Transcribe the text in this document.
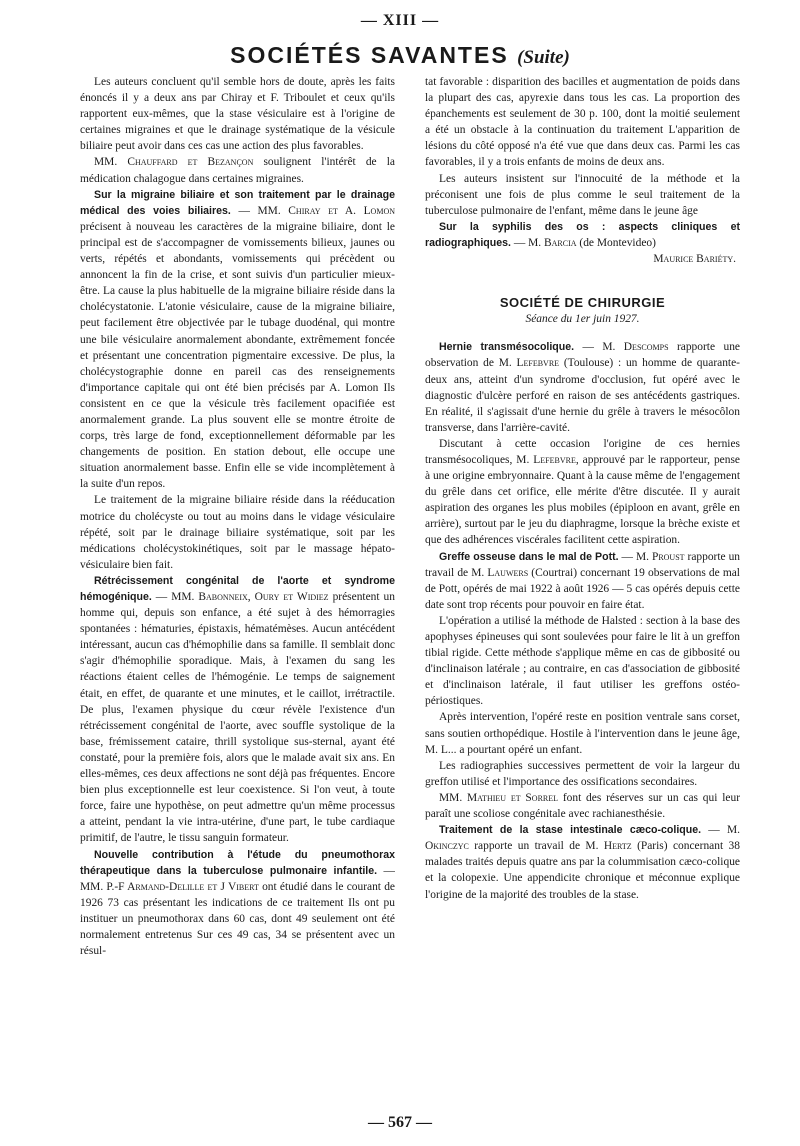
— XIII —
SOCIÉTÉS SAVANTES (Suite)

Les auteurs concluent qu'il semble hors de doute, après les faits énoncés il y a deux ans par Chiray et F. Triboulet et ceux qu'ils rapportent eux-mêmes, que la stase vésiculaire est à l'origine de certaines migraines et que le drainage systématique de la vésicule biliaire peut avoir dans ces cas une action des plus favorables.

MM. Chauffard et Bezançon soulignent l'intérêt de la médication chalagogue dans certaines migraines.

Sur la migraine biliaire et son traitement par le drainage médical des voies biliaires. — MM. Chiray et A. Lomon précisent à nouveau les caractères de la migraine biliaire, dont le principal est de s'accompagner de vomissements bilieux, jaunes ou verts, répétés et abondants, vomissements qui précèdent ou annoncent la fin de la crise, et sont suivis d'un particulier mieux-être. La cause la plus habituelle de la migraine biliaire réside dans la cholécystatonie. L'atonie vésiculaire, cause de la migraine biliaire, peut facilement être objectivée par le tubage duodénal, qui montre une bile vésiculaire anormalement abondante, extrêmement foncée et présentant une concentration pigmentaire excessive. De plus, la cholécystographie donne en pareil cas des renseignements d'importance capitale qui ont été bien précisés par A. Lomon Ils consistent en ce que la vésicule très facilement opacifiée est anormalement grande. La plus souvent elle se montre étroite de corps, très large de fond, exceptionnellement déformable par les changements de position. En station debout, elle occupe une situation anormalement basse. Enfin elle se vide incomplètement à la suite d'un repos.

Le traitement de la migraine biliaire réside dans la rééducation motrice du cholécyste ou tout au moins dans le vidage vésiculaire répété, soit par le drainage biliaire systématique, soit par les médications cholécystokinétiques, soit par le massage hépato-vésiculaire bien fait.

Rétrécissement congénital de l'aorte et syndrome hémogénique. — MM. Babonneix, Oury et Widiez présentent un homme qui, depuis son enfance, a été sujet à des hémorragies spontanées : hématuries, épistaxis, hématémèses. Aucun antécédent intéressant, aucun cas d'hémophilie dans sa famille. Il semblait donc s'agir d'hémophilie sporadique. Mais, à l'examen du sang les réactions étaient celles de l'hémogénie. Le temps de saignement était, en effet, de quarante et une minutes, et le caillot, irrétractile. De plus, l'examen physique du cœur révèle l'existence d'un rétrécissement congénital de l'aorte, avec souffle systolique de la base, frémissement cataire, thrill systolique sus-sternal, ayant été constaté, pour la première fois, alors que le malade avait six ans. En elles-mêmes, ces deux affections ne sont déjà pas fréquentes. Encore bien plus exceptionnelle est leur coexistence. Si l'on veut, à toute force, faire une hypothèse, on peut admettre qu'un même processus a atteint, pendant la vie intra-utérine, d'une part, le tube cardiaque primitif, de l'autre, le tissu sanguin formateur.

Nouvelle contribution à l'étude du pneumothorax thérapeutique dans la tuberculose pulmonaire infantile. — MM. P.-F Armand-Delille et J Vibert ont étudié dans le courant de 1926 73 cas présentant les indications de ce traitement Ils ont pu instituer un pneumothorax dans 60 cas, dont 49 seulement ont été normalement entretenus Sur ces 49 cas, 34 se présentent avec un résul-

tat favorable : disparition des bacilles et augmentation de poids dans la plupart des cas, apyrexie dans tous les cas. La proportion des épanchements est seulement de 30 p. 100, dont la moitié seulement a été un obstacle à la continuation du traitement L'apparition de lésions du côté opposé n'a été vue que dans deux cas. Parmi les cas favorables, il y a trois enfants de moins de deux ans.

Les auteurs insistent sur l'innocuité de la méthode et la préconisent une fois de plus comme le seul traitement de la tuberculose pulmonaire de l'enfant, même dans le jeune âge

Sur la syphilis des os : aspects cliniques et radiographiques. — M. Barcia (de Montevideo)

Maurice Bariéty.
SOCIÉTÉ DE CHIRURGIE
Séance du 1er juin 1927.

Hernie transmésocolique. — M. Descomps rapporte une observation de M. Lefebvre (Toulouse) : un homme de quarante-deux ans, atteint d'un syndrome d'occlusion, fut opéré avec le diagnostic d'ulcère perforé en raison de ses antécédents gastriques. En réalité, il s'agissait d'une hernie du grêle à travers le mésocôlon transverse, dans l'arrière-cavité.

Discutant à cette occasion l'origine de ces hernies transmésocoliques, M. Lefebvre, approuvé par le rapporteur, pense à une origine embryonnaire. Quant à la cause même de l'engagement du grêle dans cet orifice, elle mérite d'être discutée. Il y aurait aspiration des organes les plus mobiles (épiploon en avant, grêle en arrière), surtout par le jeu du diaphragme, lorsque la brèche existe et que des adhérences viscérales facilitent cette aspiration.

Greffe osseuse dans le mal de Pott. — M. Proust rapporte un travail de M. Lauwers (Courtrai) concernant 19 observations de mal de Pott, opérés de mai 1922 à août 1926 — 5 cas opérés depuis cette date sont trop récents pour pouvoir en faire état.

L'opération a utilisé la méthode de Halsted : section à la base des apophyses épineuses qui sont soulevées pour faire le lit à un greffon tibial rigide. Cette méthode s'applique même en cas de gibbosité ou d'inclinaison latérale ; au contraire, en cas d'association de gibbosité et d'inclinaison latérale, il faut utiliser les greffons ostéo-périostiques.

Après intervention, l'opéré reste en position ventrale sans corset, sans soutien orthopédique. Hostile à l'intervention dans le jeune âge, M. L... a pourtant opéré un enfant.

Les radiographies successives permettent de voir la largeur du greffon utilisé et l'importance des ossifications secondaires.

MM. Mathieu et Sorrel font des réserves sur un cas qui leur paraît une scoliose congénitale avec rachianesthésie.

Traitement de la stase intestinale cæco-colique. — M. Okinczyc rapporte un travail de M. Hertz (Paris) concernant 38 malades traités depuis quatre ans par la colummisation cæco-colique et la colopexie. Une appendicite chronique et méconnue explique l'origine de la majorité des troubles de la stase.

— 567 —
